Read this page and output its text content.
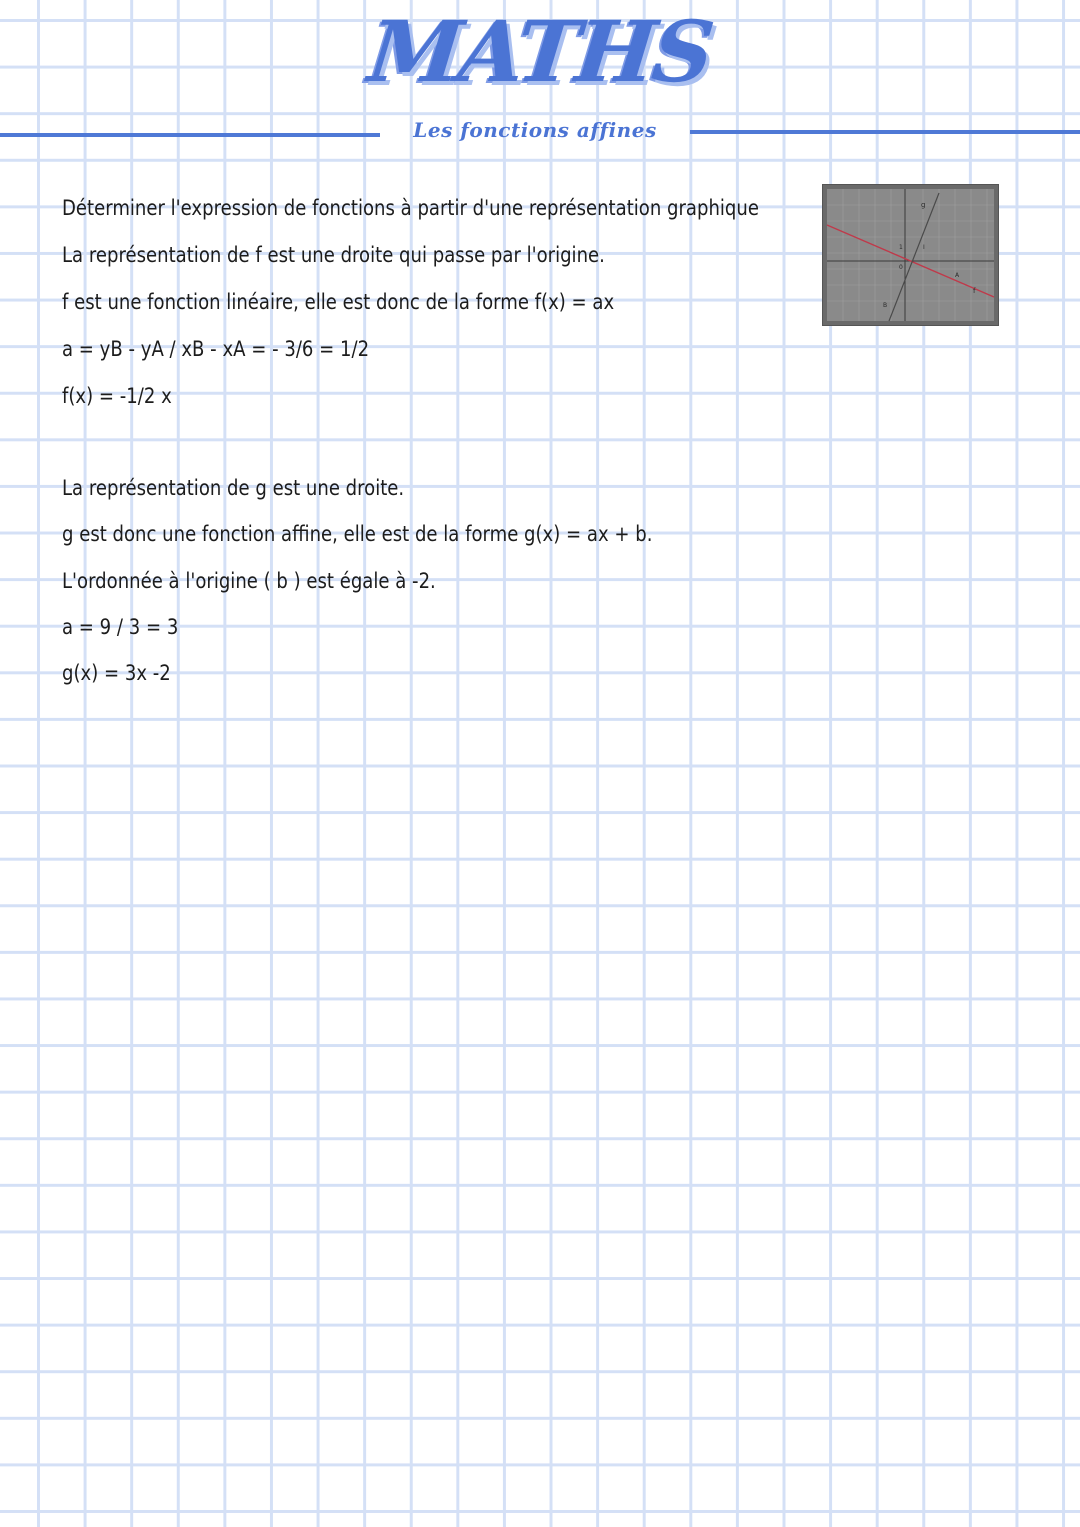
MATHS
Les fonctions affines
Déterminer l'expression de fonctions à partir d'une représentation graphique
La représentation de f est une droite qui passe par l'origine.
f est une fonction linéaire, elle est donc de la forme f(x) = ax
a = yB - yA / xB - xA = - 3/6 = 1/2
f(x) = -1/2 x
La représentation de g est une droite.
g est donc une fonction affine, elle est de la forme g(x) = ax + b.
L'ordonnée à l'origine ( b ) est égale à -2.
a = 9 / 3 = 3
g(x) = 3x -2
g
f
0
1	I
A
B
